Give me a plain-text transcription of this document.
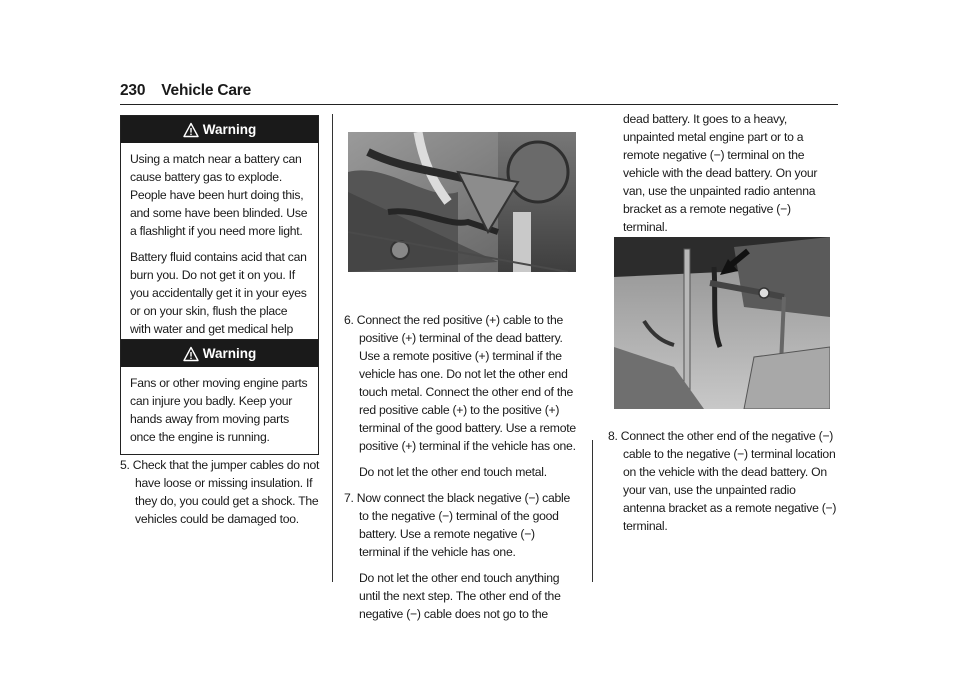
230 Vehicle Care
Warning

Using a match near a battery can cause battery gas to explode. People have been hurt doing this, and some have been blinded. Use a flashlight if you need more light.

Battery fluid contains acid that can burn you. Do not get it on you. If you accidentally get it in your eyes or on your skin, flush the place with water and get medical help

Warning

Fans or other moving engine parts can injure you badly. Keep your hands away from moving parts once the engine is running.

5. Check that the jumper cables do not have loose or missing insulation. If they do, you could get a shock. The vehicles could be damaged too.

6. Connect the red positive (+) cable to the positive (+) terminal of the dead battery. Use a remote positive (+) terminal if the vehicle has one. Do not let the other end touch metal. Connect the other end of the red positive cable (+) to the positive (+) terminal of the good battery. Use a remote positive (+) terminal if the vehicle has one.

Do not let the other end touch metal.

7. Now connect the black negative (−) cable to the negative (−) terminal of the good battery. Use a remote negative (−) terminal if the vehicle has one.

Do not let the other end touch anything until the next step. The other end of the negative (−) cable does not go to the

dead battery. It goes to a heavy, unpainted metal engine part or to a remote negative (−) terminal on the vehicle with the dead battery. On your van, use the unpainted radio antenna bracket as a remote negative (−) terminal.

8. Connect the other end of the negative (−) cable to the negative (−) terminal location on the vehicle with the dead battery. On your van, use the unpainted radio antenna bracket as a remote negative (−) terminal.
